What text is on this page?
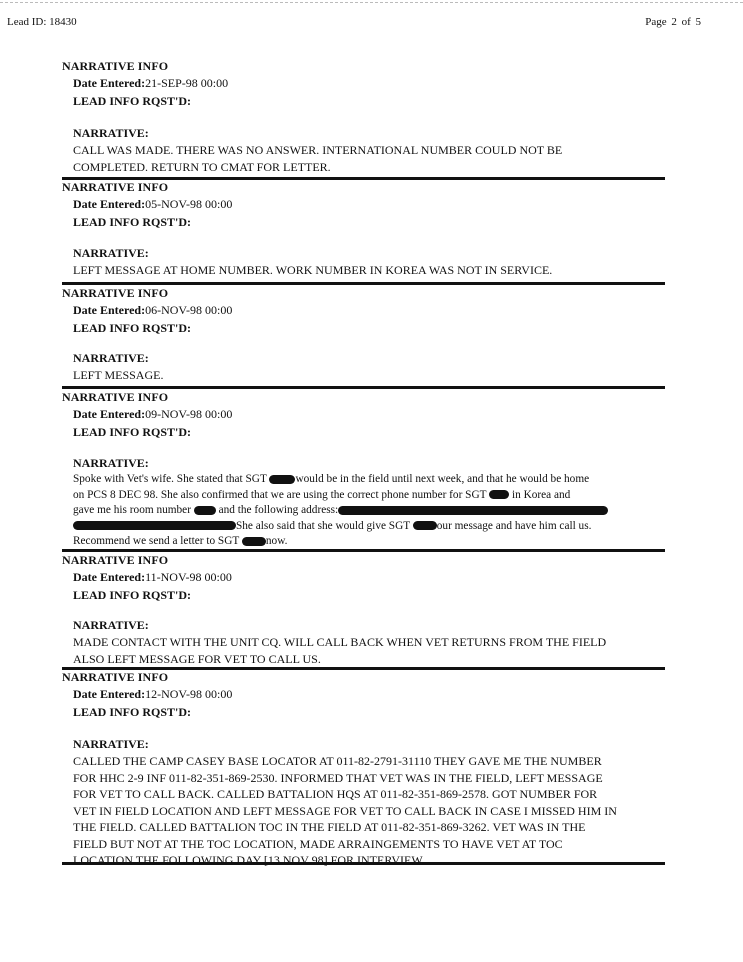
Lead ID: 18430	Page 2 of 5
NARRATIVE INFO
Date Entered:21-SEP-98 00:00
LEAD INFO RQST'D:
NARRATIVE:
CALL WAS MADE. THERE WAS NO ANSWER. INTERNATIONAL NUMBER COULD NOT BE
COMPLETED. RETURN TO CMAT FOR LETTER.
NARRATIVE INFO
Date Entered:05-NOV-98 00:00
LEAD INFO RQST'D:
NARRATIVE:
LEFT MESSAGE AT HOME NUMBER. WORK NUMBER IN KOREA WAS NOT IN SERVICE.
NARRATIVE INFO
Date Entered:06-NOV-98 00:00
LEAD INFO RQST'D:
NARRATIVE:
LEFT MESSAGE.
NARRATIVE INFO
Date Entered:09-NOV-98 00:00
LEAD INFO RQST'D:
NARRATIVE:
Spoke with Vet's wife. She stated that SGT would be in the field until next week, and that he would be home
on PCS 8 DEC 98. She also confirmed that we are using the correct phone number for SGT  in Korea and
gave me his room number  and the following address:
She also said that she would give SGT our message and have him call us.
Recommend we send a letter to SGT now.
NARRATIVE INFO
Date Entered:11-NOV-98 00:00
LEAD INFO RQST'D:
NARRATIVE:
MADE CONTACT WITH THE UNIT CQ. WILL CALL BACK WHEN VET RETURNS FROM THE FIELD
ALSO LEFT MESSAGE FOR VET TO CALL US.
NARRATIVE INFO
Date Entered:12-NOV-98 00:00
LEAD INFO RQST'D:
NARRATIVE:
CALLED THE CAMP CASEY BASE LOCATOR AT 011-82-2791-31110 THEY GAVE ME THE NUMBER
FOR HHC 2-9 INF 011-82-351-869-2530. INFORMED THAT VET WAS IN THE FIELD, LEFT MESSAGE
FOR VET TO CALL BACK. CALLED BATTALION HQS AT 011-82-351-869-2578. GOT NUMBER FOR
VET IN FIELD LOCATION AND LEFT MESSAGE FOR VET TO CALL BACK IN CASE I MISSED HIM IN
THE FIELD. CALLED BATTALION TOC IN THE FIELD AT 011-82-351-869-3262. VET WAS IN THE
FIELD BUT NOT AT THE TOC LOCATION, MADE ARRAINGEMENTS TO HAVE VET AT TOC
LOCATION THE FOLLOWING DAY [13 NOV 98] FOR INTERVIEW.
